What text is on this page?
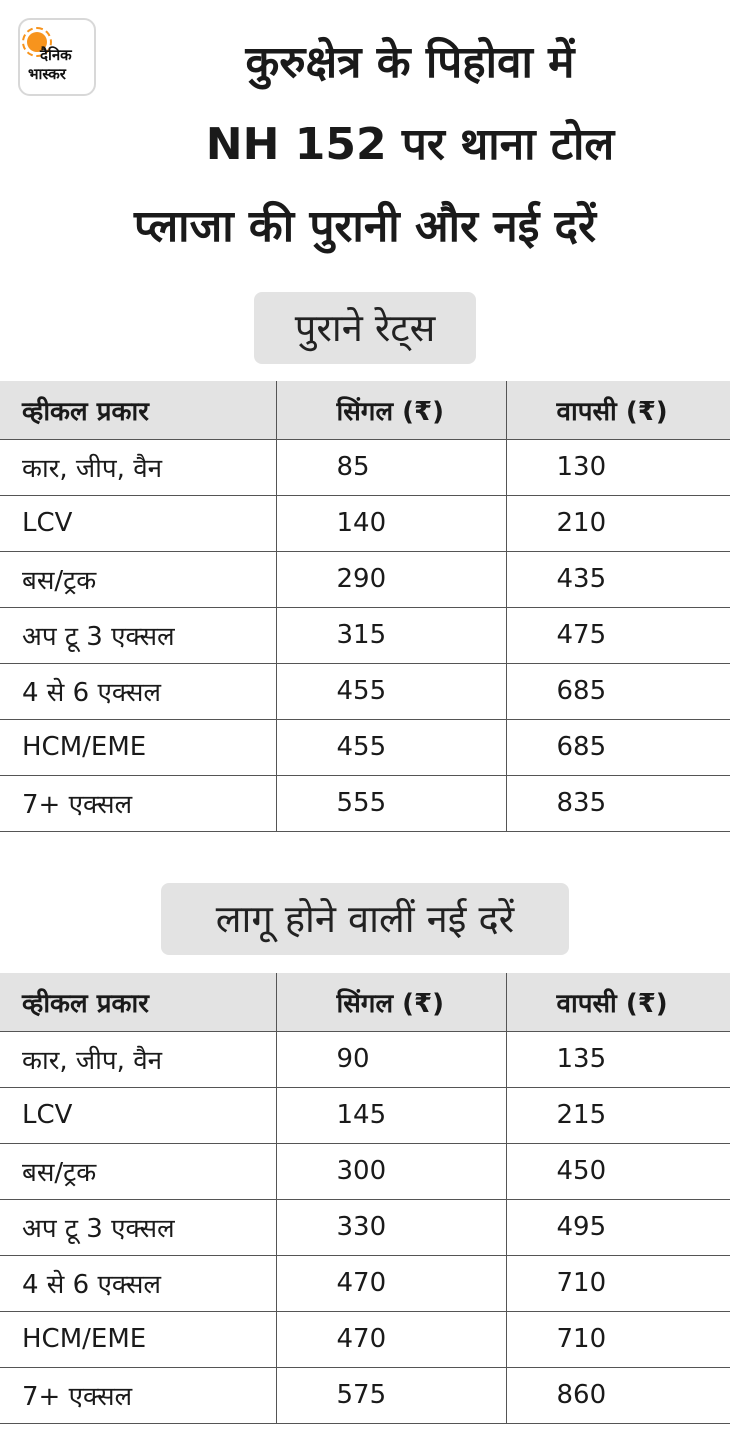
दैनिक
भास्कर	कुरुक्षेत्र के पिहोवा में
NH 152 पर थाना टोल
प्लाजा की पुरानी और नई दरें
पुराने रेट्स
व्हीकल प्रकार	सिंगल (₹)	वापसी (₹)
कार, जीप, वैन	85	130
LCV	140	210
बस/ट्रक	290	435
अप टू 3 एक्सल	315	475
4 से 6 एक्सल	455	685
HCM/EME	455	685
7+ एक्सल	555	835
लागू होने वालीं नई दरें
व्हीकल प्रकार	सिंगल (₹)	वापसी (₹)
कार, जीप, वैन	90	135
LCV	145	215
बस/ट्रक	300	450
अप टू 3 एक्सल	330	495
4 से 6 एक्सल	470	710
HCM/EME	470	710
7+ एक्सल	575	860
